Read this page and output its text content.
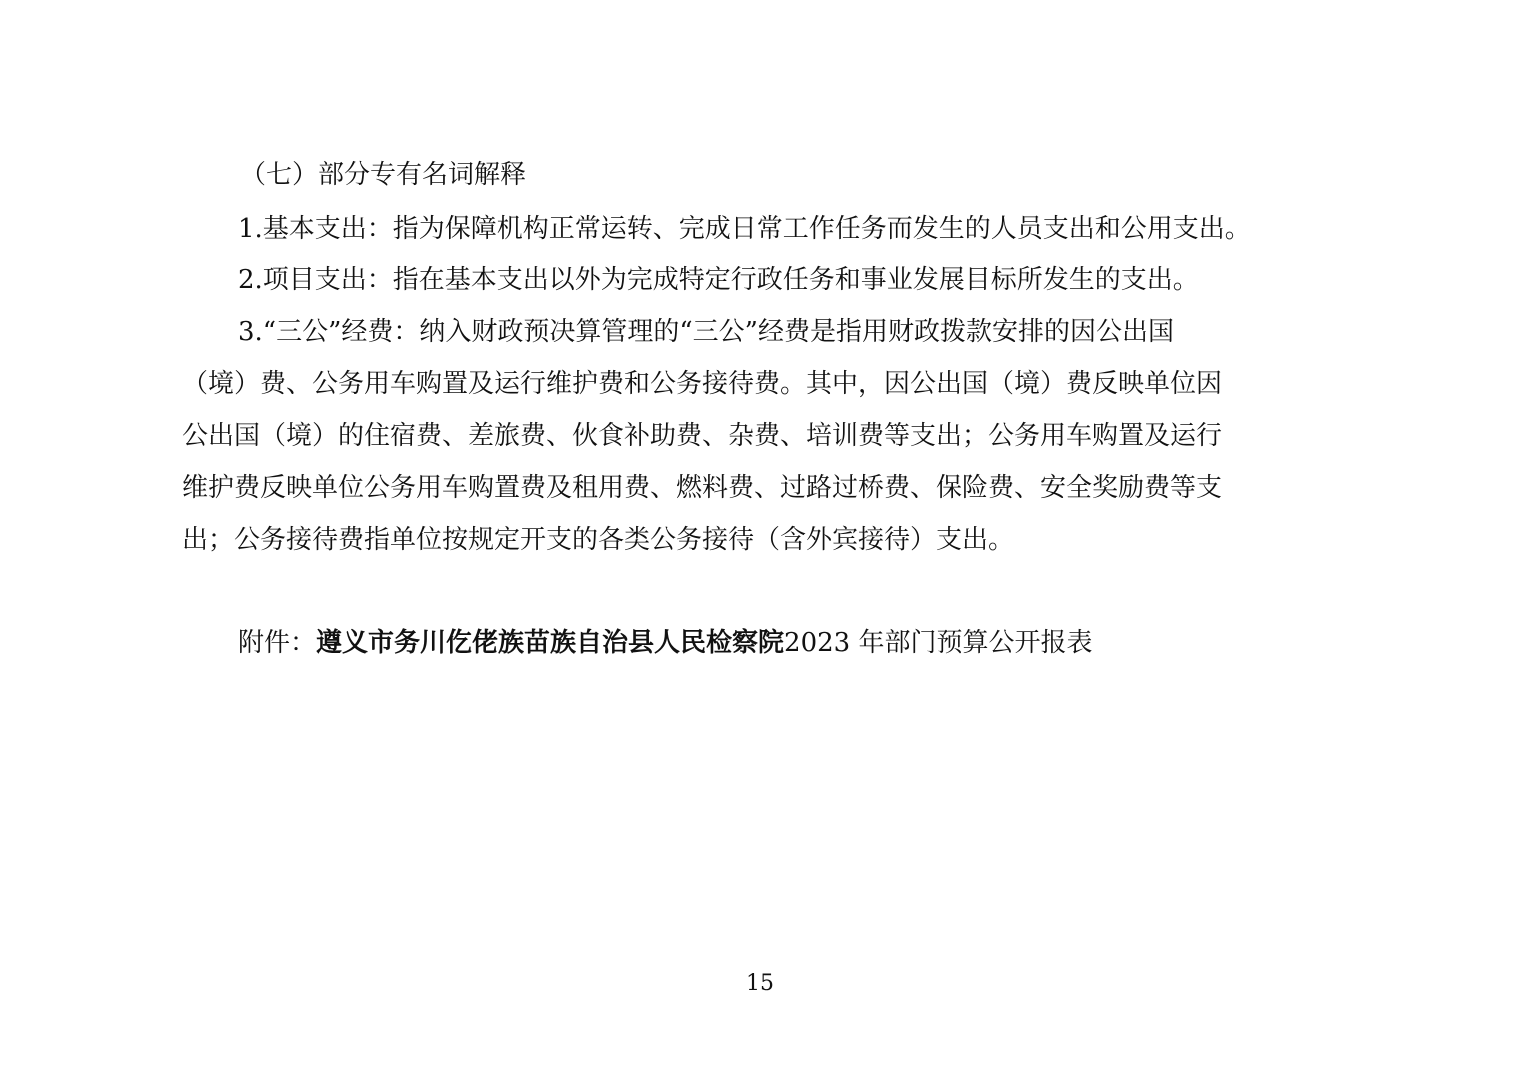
（七）部分专有名词解释
1.基本支出：指为保障机构正常运转、完成日常工作任务而发生的人员支出和公用支出。
2.项目支出：指在基本支出以外为完成特定行政任务和事业发展目标所发生的支出。
3.“三公”经费：纳入财政预决算管理的“三公”经费是指用财政拨款安排的因公出国
（境）费、公务用车购置及运行维护费和公务接待费。其中，因公出国（境）费反映单位因
公出国（境）的住宿费、差旅费、伙食补助费、杂费、培训费等支出；公务用车购置及运行
维护费反映单位公务用车购置费及租用费、燃料费、过路过桥费、保险费、安全奖励费等支
出；公务接待费指单位按规定开支的各类公务接待（含外宾接待）支出。
附件：遵义市务川仡佬族苗族自治县人民检察院2023 年部门预算公开报表
15
